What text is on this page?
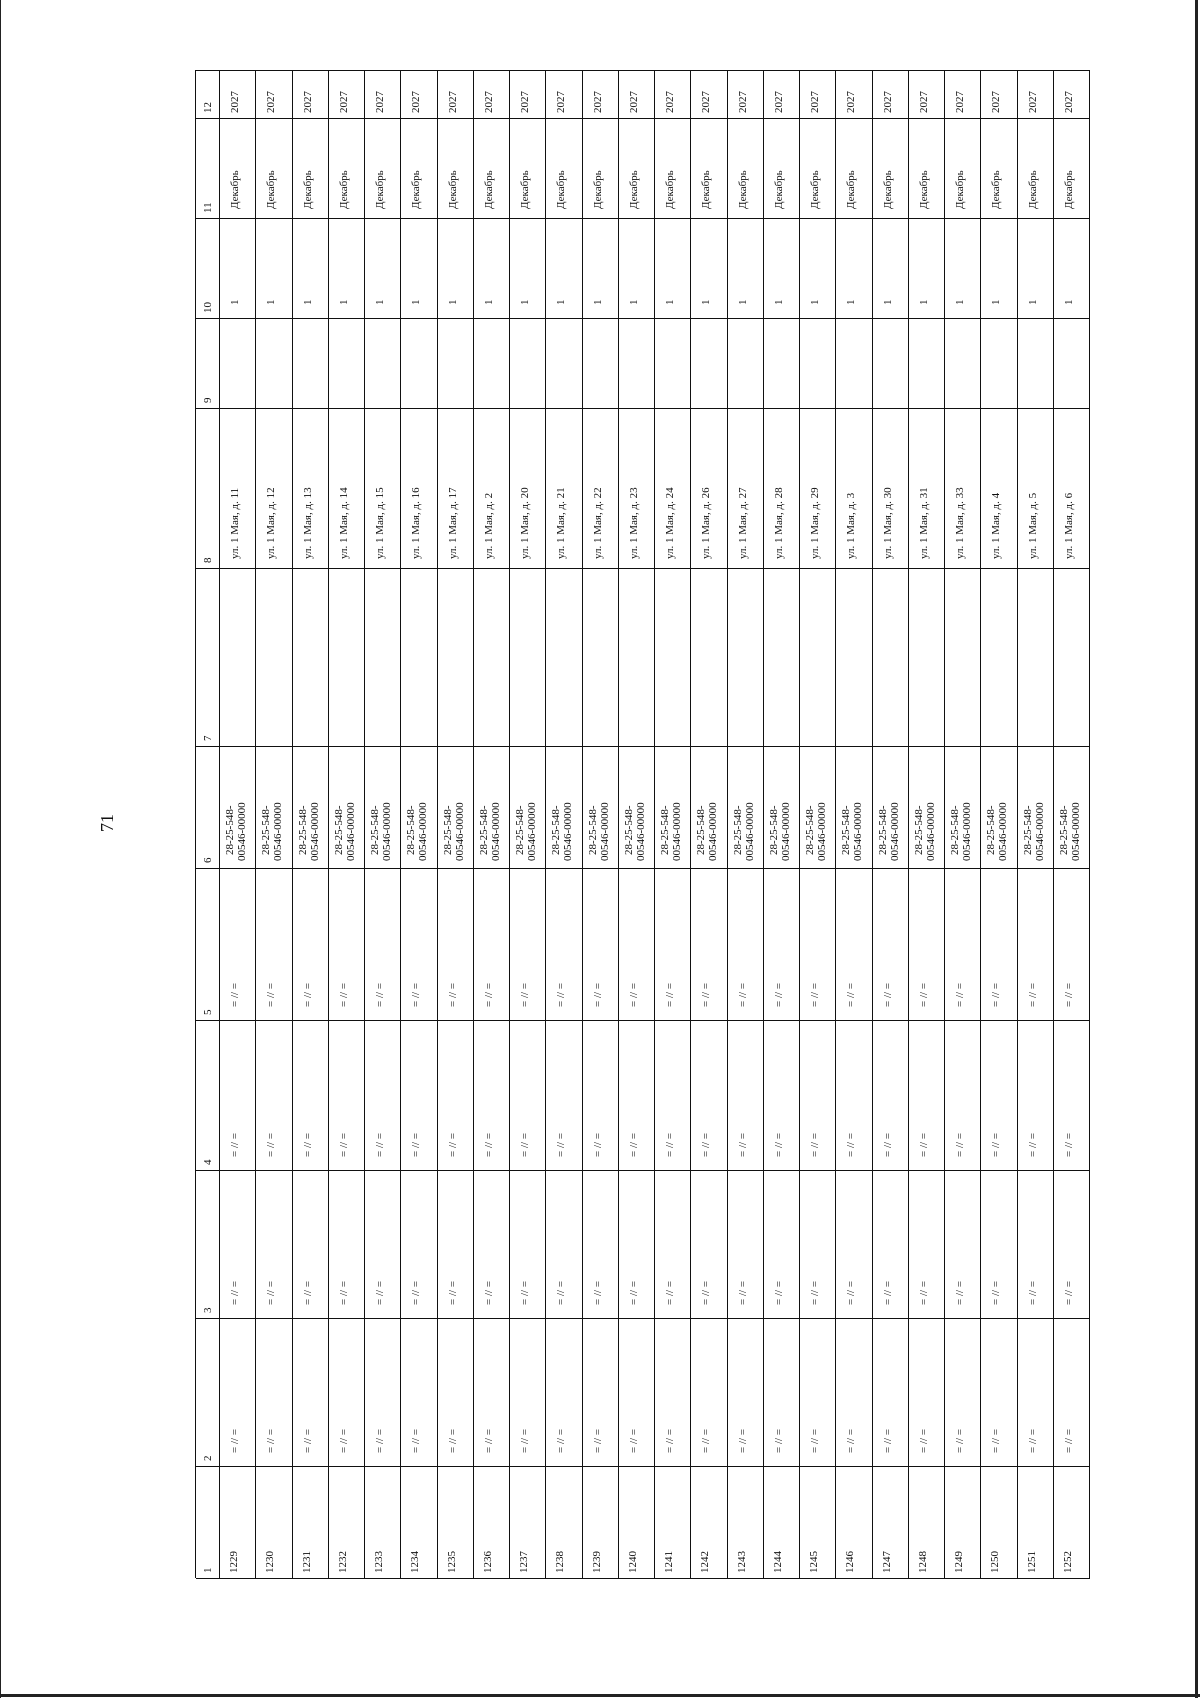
71
1
2
3
4
5
6
7
8
9
10
11
12
1229
= // =
= // =
= // =
= // =
28-25-548- 00546-00000
ул. 1 Мая, д. 11
1
Декабрь
2027
1230
= // =
= // =
= // =
= // =
28-25-548- 00546-00000
ул. 1 Мая, д. 12
1
Декабрь
2027
1231
= // =
= // =
= // =
= // =
28-25-548- 00546-00000
ул. 1 Мая, д. 13
1
Декабрь
2027
1232
= // =
= // =
= // =
= // =
28-25-548- 00546-00000
ул. 1 Мая, д. 14
1
Декабрь
2027
1233
= // =
= // =
= // =
= // =
28-25-548- 00546-00000
ул. 1 Мая, д. 15
1
Декабрь
2027
1234
= // =
= // =
= // =
= // =
28-25-548- 00546-00000
ул. 1 Мая, д. 16
1
Декабрь
2027
1235
= // =
= // =
= // =
= // =
28-25-548- 00546-00000
ул. 1 Мая, д. 17
1
Декабрь
2027
1236
= // =
= // =
= // =
= // =
28-25-548- 00546-00000
ул. 1 Мая, д. 2
1
Декабрь
2027
1237
= // =
= // =
= // =
= // =
28-25-548- 00546-00000
ул. 1 Мая, д. 20
1
Декабрь
2027
1238
= // =
= // =
= // =
= // =
28-25-548- 00546-00000
ул. 1 Мая, д. 21
1
Декабрь
2027
1239
= // =
= // =
= // =
= // =
28-25-548- 00546-00000
ул. 1 Мая, д. 22
1
Декабрь
2027
1240
= // =
= // =
= // =
= // =
28-25-548- 00546-00000
ул. 1 Мая, д. 23
1
Декабрь
2027
1241
= // =
= // =
= // =
= // =
28-25-548- 00546-00000
ул. 1 Мая, д. 24
1
Декабрь
2027
1242
= // =
= // =
= // =
= // =
28-25-548- 00546-00000
ул. 1 Мая, д. 26
1
Декабрь
2027
1243
= // =
= // =
= // =
= // =
28-25-548- 00546-00000
ул. 1 Мая, д. 27
1
Декабрь
2027
1244
= // =
= // =
= // =
= // =
28-25-548- 00546-00000
ул. 1 Мая, д. 28
1
Декабрь
2027
1245
= // =
= // =
= // =
= // =
28-25-548- 00546-00000
ул. 1 Мая, д. 29
1
Декабрь
2027
1246
= // =
= // =
= // =
= // =
28-25-548- 00546-00000
ул. 1 Мая, д. 3
1
Декабрь
2027
1247
= // =
= // =
= // =
= // =
28-25-548- 00546-00000
ул. 1 Мая, д. 30
1
Декабрь
2027
1248
= // =
= // =
= // =
= // =
28-25-548- 00546-00000
ул. 1 Мая, д. 31
1
Декабрь
2027
1249
= // =
= // =
= // =
= // =
28-25-548- 00546-00000
ул. 1 Мая, д. 33
1
Декабрь
2027
1250
= // =
= // =
= // =
= // =
28-25-548- 00546-00000
ул. 1 Мая, д. 4
1
Декабрь
2027
1251
= // =
= // =
= // =
= // =
28-25-548- 00546-00000
ул. 1 Мая, д. 5
1
Декабрь
2027
1252
= // =
= // =
= // =
= // =
28-25-548- 00546-00000
ул. 1 Мая, д. 6
1
Декабрь
2027
